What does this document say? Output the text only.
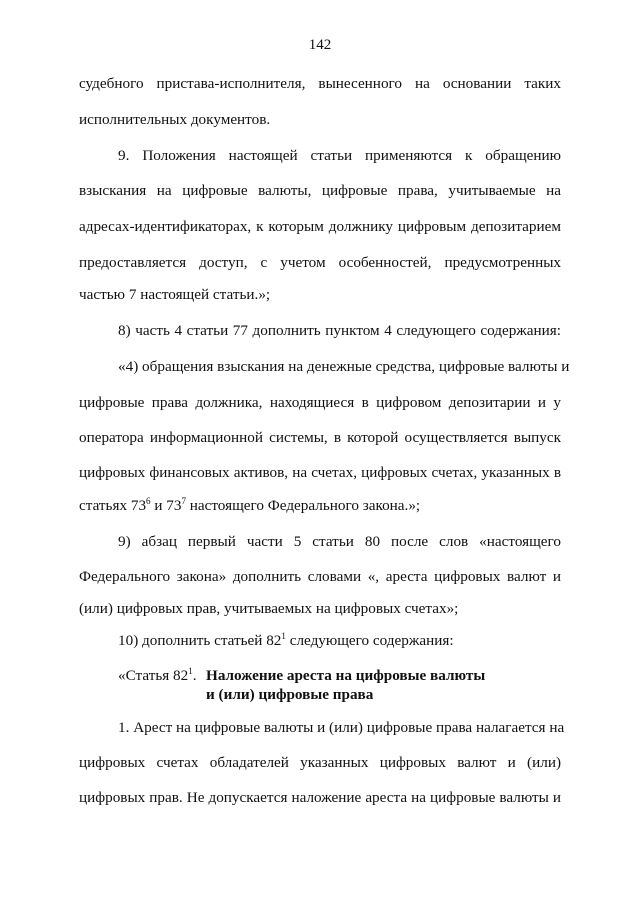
142
судебного пристава-исполнителя, вынесенного на основании таких
исполнительных документов.
9. Положения настоящей статьи применяются к обращению
взыскания на цифровые валюты, цифровые права, учитываемые на
адресах-идентификаторах, к которым должнику цифровым депозитарием
предоставляется доступ, с учетом особенностей, предусмотренных
частью 7 настоящей статьи.»;
8) часть 4 статьи 77 дополнить пунктом 4 следующего содержания:
«4) обращения взыскания на денежные средства, цифровые валюты и
цифровые права должника, находящиеся в цифровом депозитарии и у
оператора информационной системы, в которой осуществляется выпуск
цифровых финансовых активов, на счетах, цифровых счетах, указанных в
статьях $73^6$ и $73^7$ настоящего Федерального закона.»;
9) абзац первый части 5 статьи 80 после слов «настоящего
Федерального закона» дополнить словами «, ареста цифровых валют и
(или) цифровых прав, учитываемых на цифровых счетах»;
10) дополнить статьей $82^1$ следующего содержания:
«Статья $82^1$. Наложение ареста на цифровые валюты
и (или) цифровые права
1. Арест на цифровые валюты и (или) цифровые права налагается на
цифровых счетах обладателей указанных цифровых валют и (или)
цифровых прав. Не допускается наложение ареста на цифровые валюты и
